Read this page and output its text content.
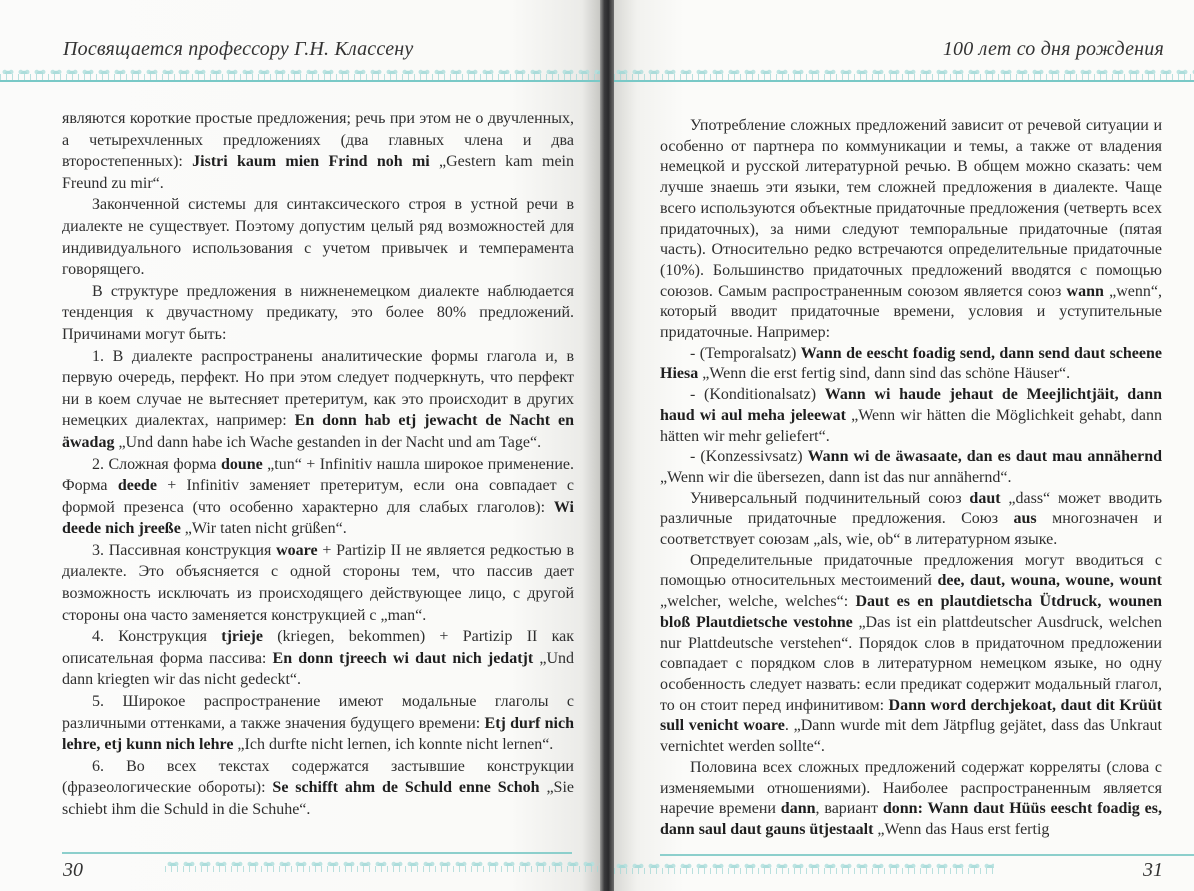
Посвящается профессору Г.Н. Классену

являются короткие простые предложения; речь при этом не о двучленных, а четырехчленных предложениях (два главных члена и два второстепенных): Jistri kaum mien Frind noh mi „Gestern kam mein Freund zu mir“.

Законченной системы для синтаксического строя в устной речи в диалекте не существует. Поэтому допустим целый ряд возможностей для индивидуального использования с учетом привычек и темперамента говорящего.

В структуре предложения в нижненемецком диалекте наблюдается тенденция к двучастному предикату, это более 80% предложений. Причинами могут быть:

1. В диалекте распространены аналитические формы глагола и, в первую очередь, перфект. Но при этом следует подчеркнуть, что перфект ни в коем случае не вытесняет претеритум, как это происходит в других немецких диалектах, например: En donn hab etj jewacht de Nacht en äwadag „Und dann habe ich Wache gestanden in der Nacht und am Tage“.

2. Сложная форма doune „tun“ + Infinitiv нашла широкое применение. Форма deede + Infinitiv заменяет претеритум, если она совпадает с формой презенса (что особенно характерно для слабых глаголов): Wi deede nich jreeße „Wir taten nicht grüßen“.

3. Пассивная конструкция woare + Partizip II не является редкостью в диалекте. Это объясняется с одной стороны тем, что пассив дает возможность исключать из происходящего действующее лицо, с другой стороны она часто заменяется конструкцией с „man“.

4. Конструкция tjrieje (kriegen, bekommen) + Partizip II как описательная форма пассива: En donn tjreech wi daut nich jedatjt „Und dann kriegten wir das nicht gedeckt“.

5. Широкое распространение имеют модальные глаголы с различными оттенками, а также значения будущего времени: Etj durf nich lehre, etj kunn nich lehre „Ich durfte nicht lernen, ich konnte nicht lernen“.

6. Во всех текстах содержатся застывшие конструкции (фразеологические обороты): Se schifft ahm de Schuld enne Schoh „Sie schiebt ihm die Schuld in die Schuhe“.

30
100 лет со дня рождения

Употребление сложных предложений зависит от речевой ситуации и особенно от партнера по коммуникации и темы, а также от владения немецкой и русской литературной речью. В общем можно сказать: чем лучше знаешь эти языки, тем сложней предложения в диалекте. Чаще всего используются объектные придаточные предложения (четверть всех придаточных), за ними следуют темпоральные придаточные (пятая часть). Относительно редко встречаются определительные придаточные (10%). Большинство придаточных предложений вводятся с помощью союзов. Самым распространенным союзом является союз wann „wenn“, который вводит придаточные времени, условия и уступительные придаточные. Например:

- (Temporalsatz) Wann de eescht foadig send, dann send daut scheene Hiesa „Wenn die erst fertig sind, dann sind das schöne Häuser“.

- (Konditionalsatz) Wann wi haude jehaut de Meejlichtjäit, dann haud wi aul meha jeleewat „Wenn wir hätten die Möglichkeit gehabt, dann hätten wir mehr geliefert“.

- (Konzessivsatz) Wann wi de äwasaate, dan es daut mau annähernd „Wenn wir die übersezen, dann ist das nur annähernd“.

Универсальный подчинительный союз daut „dass“ может вводить различные придаточные предложения. Союз aus многозначен и соответствует союзам „als, wie, ob“ в литературном языке.

Определительные придаточные предложения могут вводиться с помощью относительных местоимений dee, daut, wouna, woune, wount „welcher, welche, welches“: Daut es en plautdietscha Ütdruck, wounen bloß Plautdietsche vestohne „Das ist ein plattdeutscher Ausdruck, welchen nur Plattdeutsche verstehen“. Порядок слов в придаточном предложении совпадает с порядком слов в литературном немецком языке, но одну особенность следует назвать: если предикат содержит модальный глагол, то он стоит перед инфинитивом: Dann word derchjekoat, daut dit Krüüt sull venicht woare. „Dann wurde mit dem Jätpflug gejätet, dass das Unkraut vernichtet werden sollte“.

Половина всех сложных предложений содержат корреляты (слова с изменяемыми отношениями). Наиболее распространенным является наречие времени dann, вариант donn: Wann daut Hüüs eescht foadig es, dann saul daut gauns ütjestaalt „Wenn das Haus erst fertig

31
